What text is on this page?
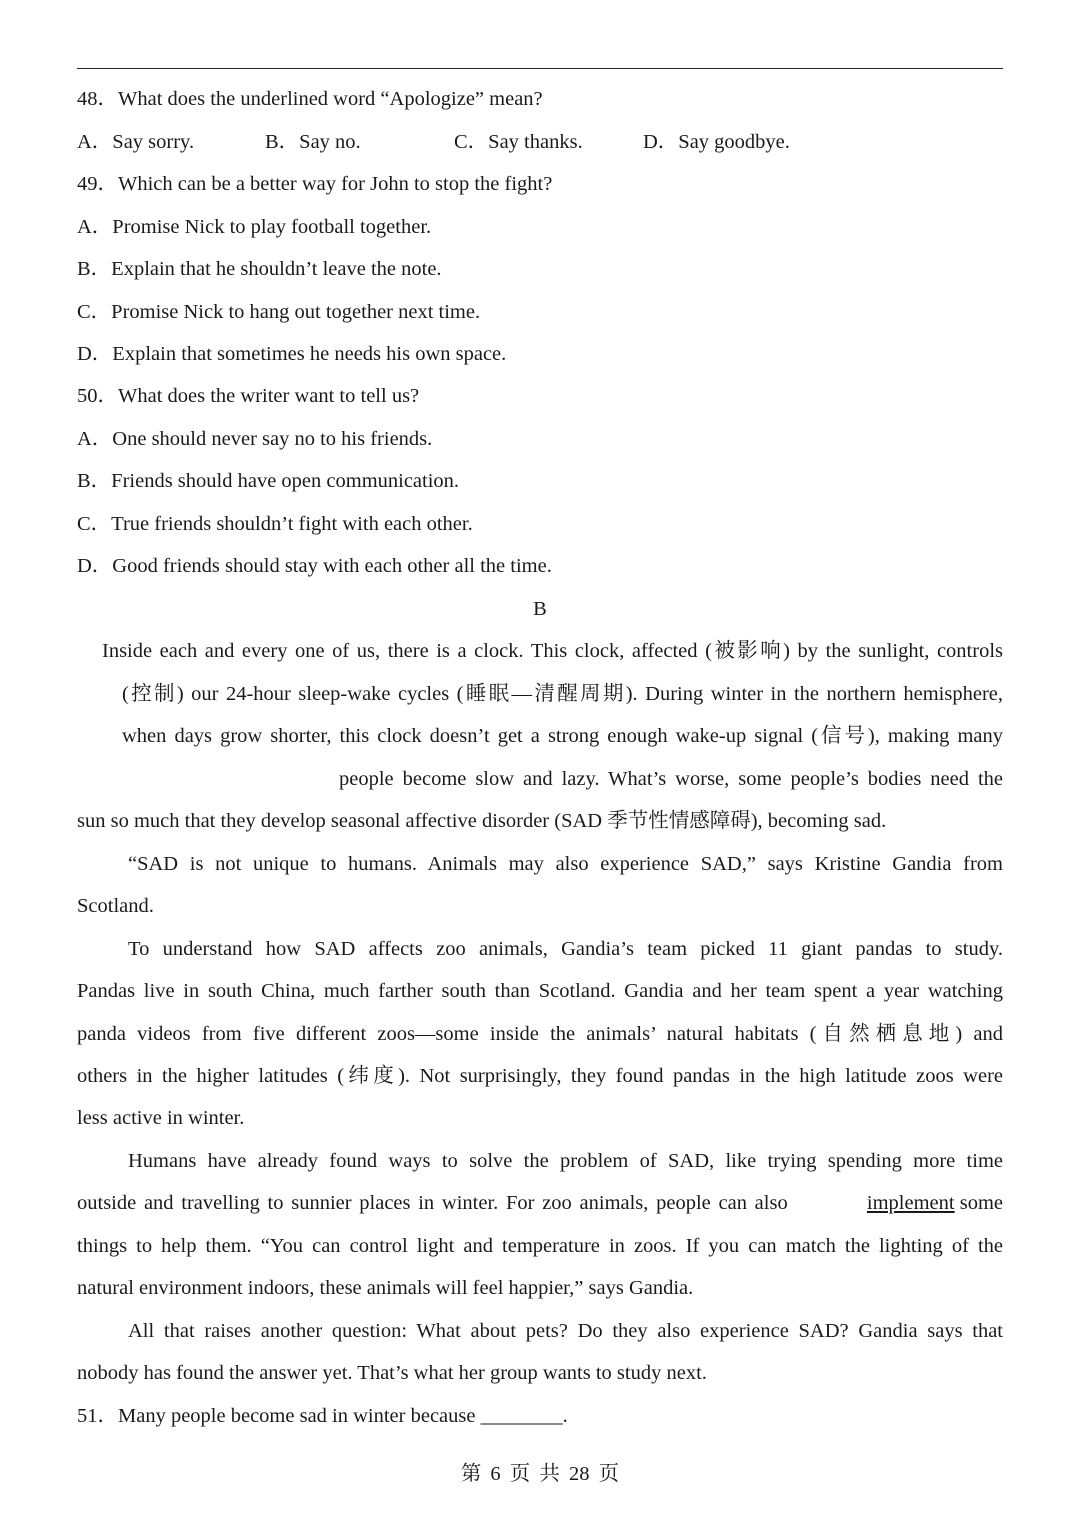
48．What does the underlined word “Apologize” mean?
A．Say sorry.	B．Say no.	C．Say thanks.	D．Say goodbye.
49．Which can be a better way for John to stop the fight?
A．Promise Nick to play football together.
B．Explain that he shouldn’t leave the note.
C．Promise Nick to hang out together next time.
D．Explain that sometimes he needs his own space.
50．What does the writer want to tell us?
A．One should never say no to his friends.
B．Friends should have open communication.
C．True friends shouldn’t fight with each other.
D．Good friends should stay with each other all the time.
B
Inside each and every one of us, there is a clock. This clock, affected (被影响) by the sunlight, controls
(控制) our 24-hour sleep-wake cycles (睡眠—清醒周期). During winter in the northern hemisphere,
when days grow shorter, this clock doesn’t get a strong enough wake-up signal (信号), making many
people become slow and lazy. What’s worse, some people’s bodies need the
sun so much that they develop seasonal affective disorder (SAD 季节性情感障碍), becoming sad.
“SAD is not unique to humans. Animals may also experience SAD,” says Kristine Gandia from
Scotland.
To understand how SAD affects zoo animals, Gandia’s team picked 11 giant pandas to study.
Pandas live in south China, much farther south than Scotland. Gandia and her team spent a year watching
panda videos from five different zoos—some inside the animals’ natural habitats (自然栖息地) and
others in the higher latitudes (纬度). Not surprisingly, they found pandas in the high latitude zoos were
less active in winter.
Humans have already found ways to solve the problem of SAD, like trying spending more time
outside and travelling to sunnier places in winter. For zoo animals, people can also	implement some
things to help them. “You can control light and temperature in zoos. If you can match the lighting of the
natural environment indoors, these animals will feel happier,” says Gandia.
All that raises another question: What about pets? Do they also experience SAD? Gandia says that
nobody has found the answer yet. That’s what her group wants to study next.
51．Many people become sad in winter because ________.
第 6 页 共 28 页
